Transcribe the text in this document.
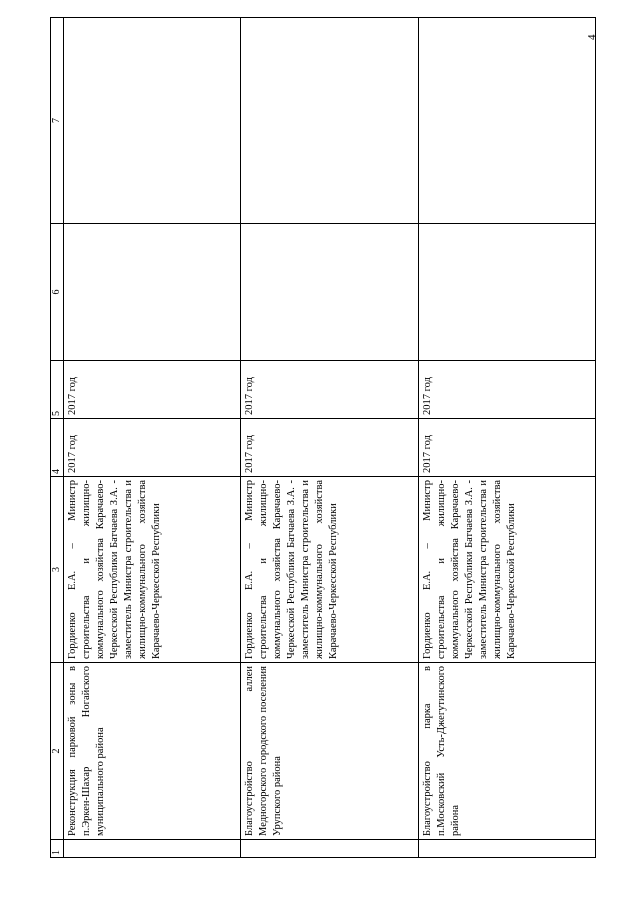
4
1	2	3	4	5	6	7
	Реконструкция парковой зоны в п.Эркен-Шахар Ногайского муниципального района	Гордиенко Е.А. – Министр строительства и жилищно-коммунального хозяйства Карачаево-Черкесской Республики Батчаева З.А. - заместитель Министра строительства и жилищно-коммунального хозяйства Карачаево-Черкесской Республики	2017 год	2017 год		
	Благоустройство аллеи Медногорского городского поселения Урупского района	Гордиенко Е.А. – Министр строительства и жилищно-коммунального хозяйства Карачаево-Черкесской Республики Батчаева З.А. - заместитель Министра строительства и жилищно-коммунального хозяйства Карачаево-Черкесской Республики	2017 год	2017 год		
	Благоустройство парка в п.Московский Усть-Джегутинского района	Гордиенко Е.А. – Министр строительства и жилищно-коммунального хозяйства Карачаево-Черкесской Республики Батчаева З.А. - заместитель Министра строительства и жилищно-коммунального хозяйства Карачаево-Черкесской Республики	2017 год	2017 год		
